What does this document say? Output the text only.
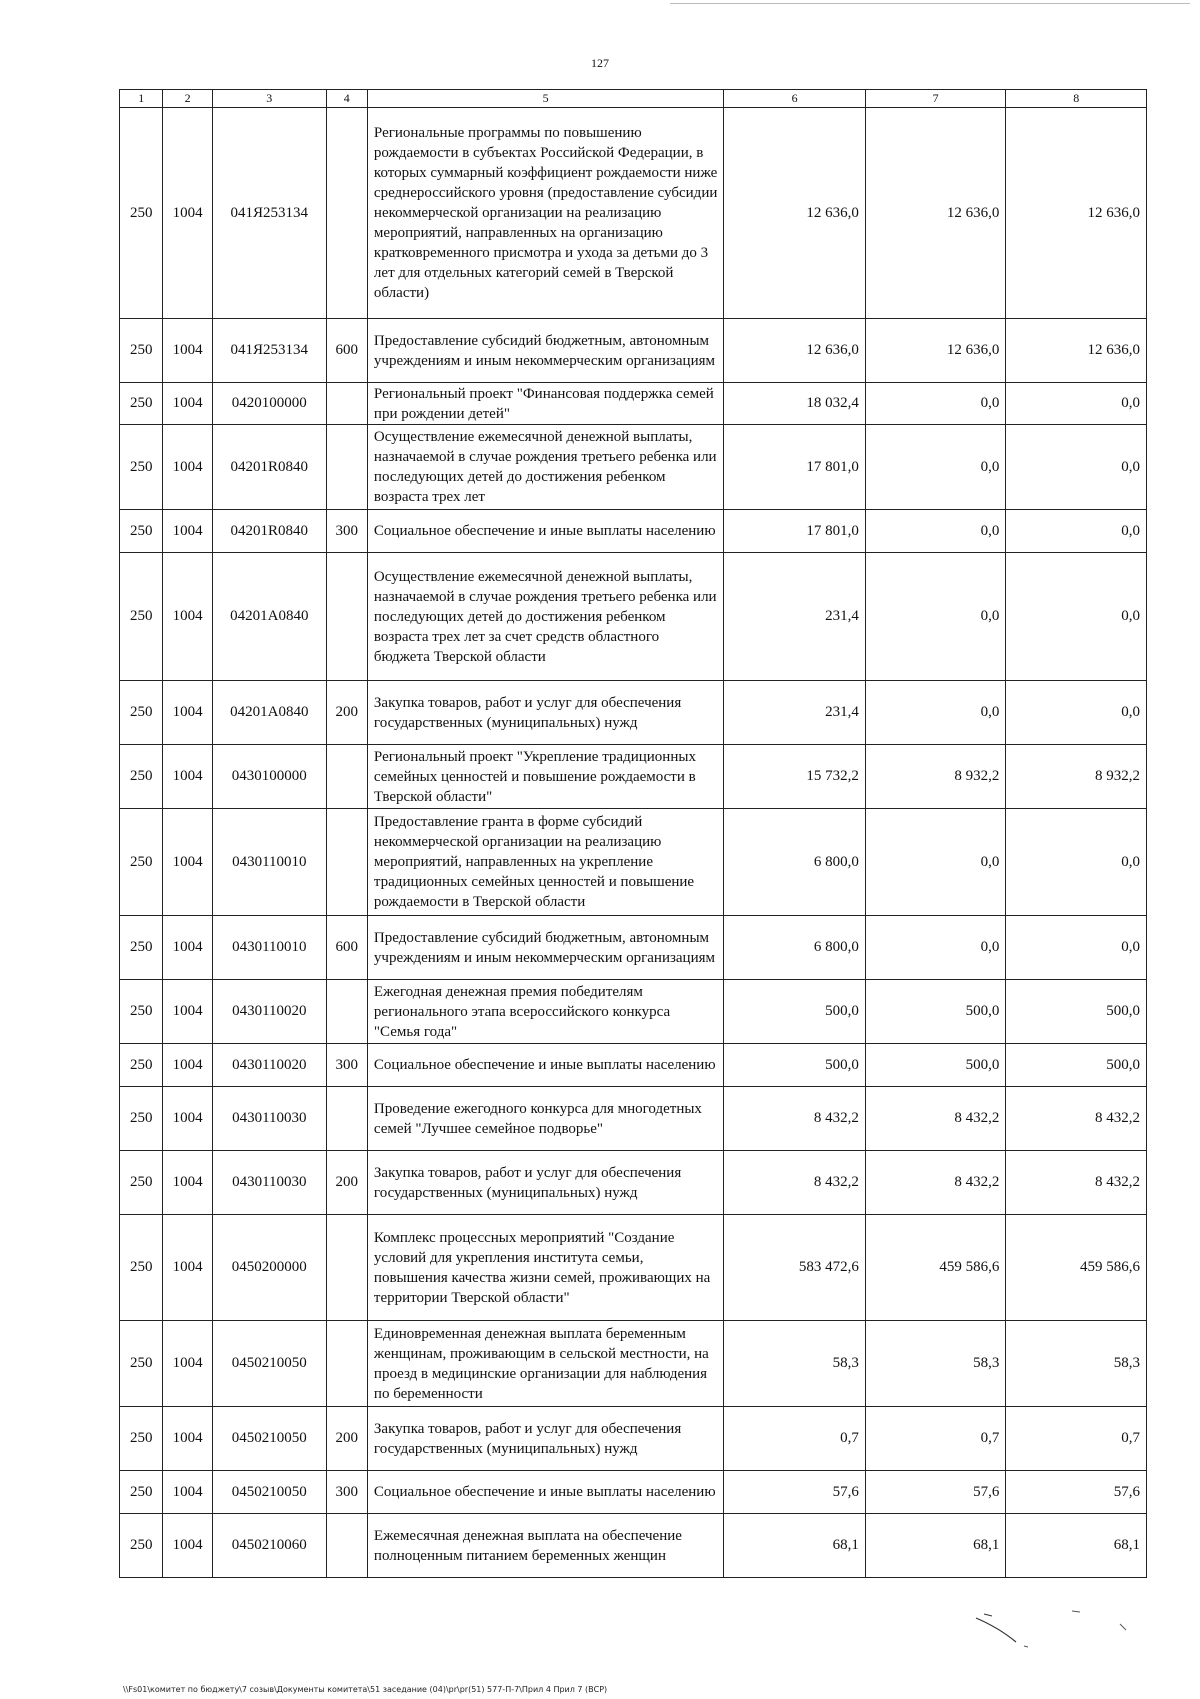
127
1	2	3	4	5	6	7	8
250	1004	041Я253134		Региональные программы по повышению рождаемости в субъектах Российской Федерации, в которых суммарный коэффициент рождаемости ниже среднероссийского уровня (предоставление субсидии некоммерческой организации на реализацию мероприятий, направленных на организацию кратковременного присмотра и ухода за детьми до 3 лет для отдельных категорий семей в Тверской области)	12 636,0	12 636,0	12 636,0
250	1004	041Я253134	600	Предоставление субсидий бюджетным, автономным учреждениям и иным некоммерческим организациям	12 636,0	12 636,0	12 636,0
250	1004	0420100000		Региональный проект "Финансовая поддержка семей при рождении детей"	18 032,4	0,0	0,0
250	1004	04201R0840		Осуществление ежемесячной денежной выплаты, назначаемой в случае рождения третьего ребенка или последующих детей до достижения ребенком возраста трех лет	17 801,0	0,0	0,0
250	1004	04201R0840	300	Социальное обеспечение и иные выплаты населению	17 801,0	0,0	0,0
250	1004	04201A0840		Осуществление ежемесячной денежной выплаты, назначаемой в случае рождения третьего ребенка или последующих детей до достижения ребенком возраста трех лет за счет средств областного бюджета Тверской области	231,4	0,0	0,0
250	1004	04201A0840	200	Закупка товаров, работ и услуг для обеспечения государственных (муниципальных) нужд	231,4	0,0	0,0
250	1004	0430100000		Региональный проект "Укрепление традиционных семейных ценностей и повышение рождаемости в Тверской области"	15 732,2	8 932,2	8 932,2
250	1004	0430110010		Предоставление гранта в форме субсидий некоммерческой организации на реализацию мероприятий, направленных на укрепление традиционных семейных ценностей и повышение рождаемости в Тверской области	6 800,0	0,0	0,0
250	1004	0430110010	600	Предоставление субсидий бюджетным, автономным учреждениям и иным некоммерческим организациям	6 800,0	0,0	0,0
250	1004	0430110020		Ежегодная денежная премия победителям регионального этапа всероссийского конкурса "Семья года"	500,0	500,0	500,0
250	1004	0430110020	300	Социальное обеспечение и иные выплаты населению	500,0	500,0	500,0
250	1004	0430110030		Проведение ежегодного конкурса для многодетных семей "Лучшее семейное подворье"	8 432,2	8 432,2	8 432,2
250	1004	0430110030	200	Закупка товаров, работ и услуг для обеспечения государственных (муниципальных) нужд	8 432,2	8 432,2	8 432,2
250	1004	0450200000		Комплекс процессных мероприятий "Создание условий для укрепления института семьи, повышения качества жизни семей, проживающих на территории Тверской области"	583 472,6	459 586,6	459 586,6
250	1004	0450210050		Единовременная денежная выплата беременным женщинам, проживающим в сельской местности, на проезд в медицинские организации для наблюдения по беременности	58,3	58,3	58,3
250	1004	0450210050	200	Закупка товаров, работ и услуг для обеспечения государственных (муниципальных) нужд	0,7	0,7	0,7
250	1004	0450210050	300	Социальное обеспечение и иные выплаты населению	57,6	57,6	57,6
250	1004	0450210060		Ежемесячная денежная выплата на обеспечение полноценным питанием беременных женщин	68,1	68,1	68,1
\\Fs01\комитет по бюджету\7 созыв\Документы комитета\51 заседание (04)\pr\pr(51) 577-П-7\Прил 4 Прил 7 (ВСР)
